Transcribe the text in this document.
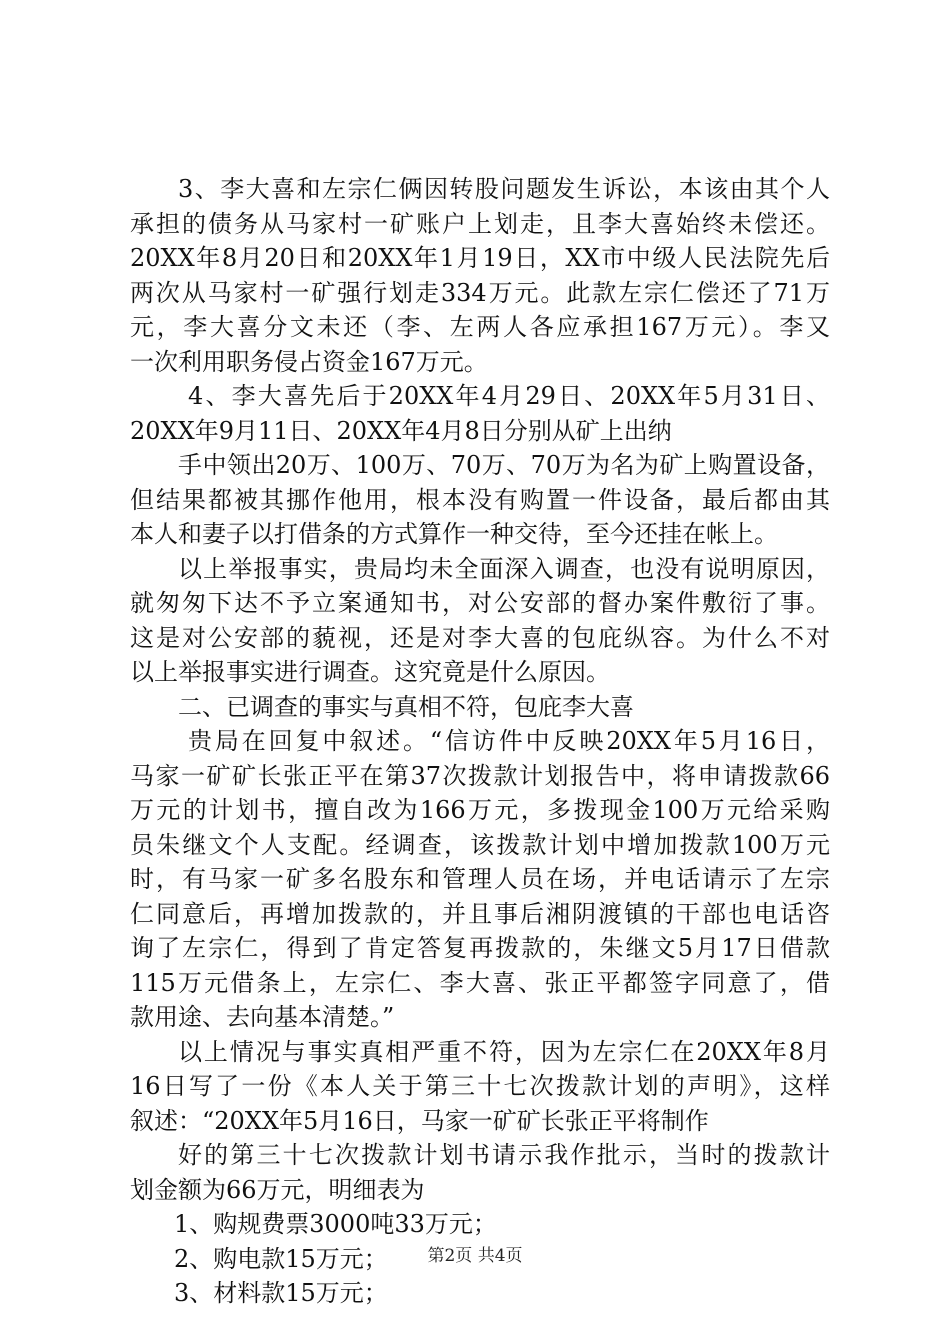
3、李大喜和左宗仁俩因转股问题发生诉讼，本该由其个人
承担的债务从马家村一矿账户上划走，且李大喜始终未偿还。
20XX年8月20日和20XX年1月19日，XX市中级人民法院先后
两次从马家村一矿强行划走334万元。此款左宗仁偿还了71万
元，李大喜分文未还（李、左两人各应承担167万元）。李又
一次利用职务侵占资金167万元。
4、李大喜先后于20XX年4月29日、20XX年5月31日、
20XX年9月11日、20XX年4月8日分别从矿上出纳
手中领出20万、100万、70万、70万为名为矿上购置设备，
但结果都被其挪作他用，根本没有购置一件设备，最后都由其
本人和妻子以打借条的方式算作一种交待，至今还挂在帐上。
以上举报事实，贵局均未全面深入调查，也没有说明原因，
就匆匆下达不予立案通知书，对公安部的督办案件敷衍了事。
这是对公安部的藐视，还是对李大喜的包庇纵容。为什么不对
以上举报事实进行调查。这究竟是什么原因。
二、已调查的事实与真相不符，包庇李大喜
贵局在回复中叙述。“信访件中反映20XX年5月16日，
马家一矿矿长张正平在第37次拨款计划报告中，将申请拨款66
万元的计划书，擅自改为166万元，多拨现金100万元给采购
员朱继文个人支配。经调查，该拨款计划中增加拨款100万元
时，有马家一矿多名股东和管理人员在场，并电话请示了左宗
仁同意后，再增加拨款的，并且事后湘阴渡镇的干部也电话咨
询了左宗仁，得到了肯定答复再拨款的，朱继文5月17日借款
115万元借条上，左宗仁、李大喜、张正平都签字同意了，借
款用途、去向基本清楚。”
以上情况与事实真相严重不符，因为左宗仁在20XX年8月
16日写了一份《本人关于第三十七次拨款计划的声明》，这样
叙述：“20XX年5月16日，马家一矿矿长张正平将制作
好的第三十七次拨款计划书请示我作批示，当时的拨款计
划金额为66万元，明细表为
1、购规费票3000吨33万元；
2、购电款15万元；
3、材料款15万元；
第2页 共4页
